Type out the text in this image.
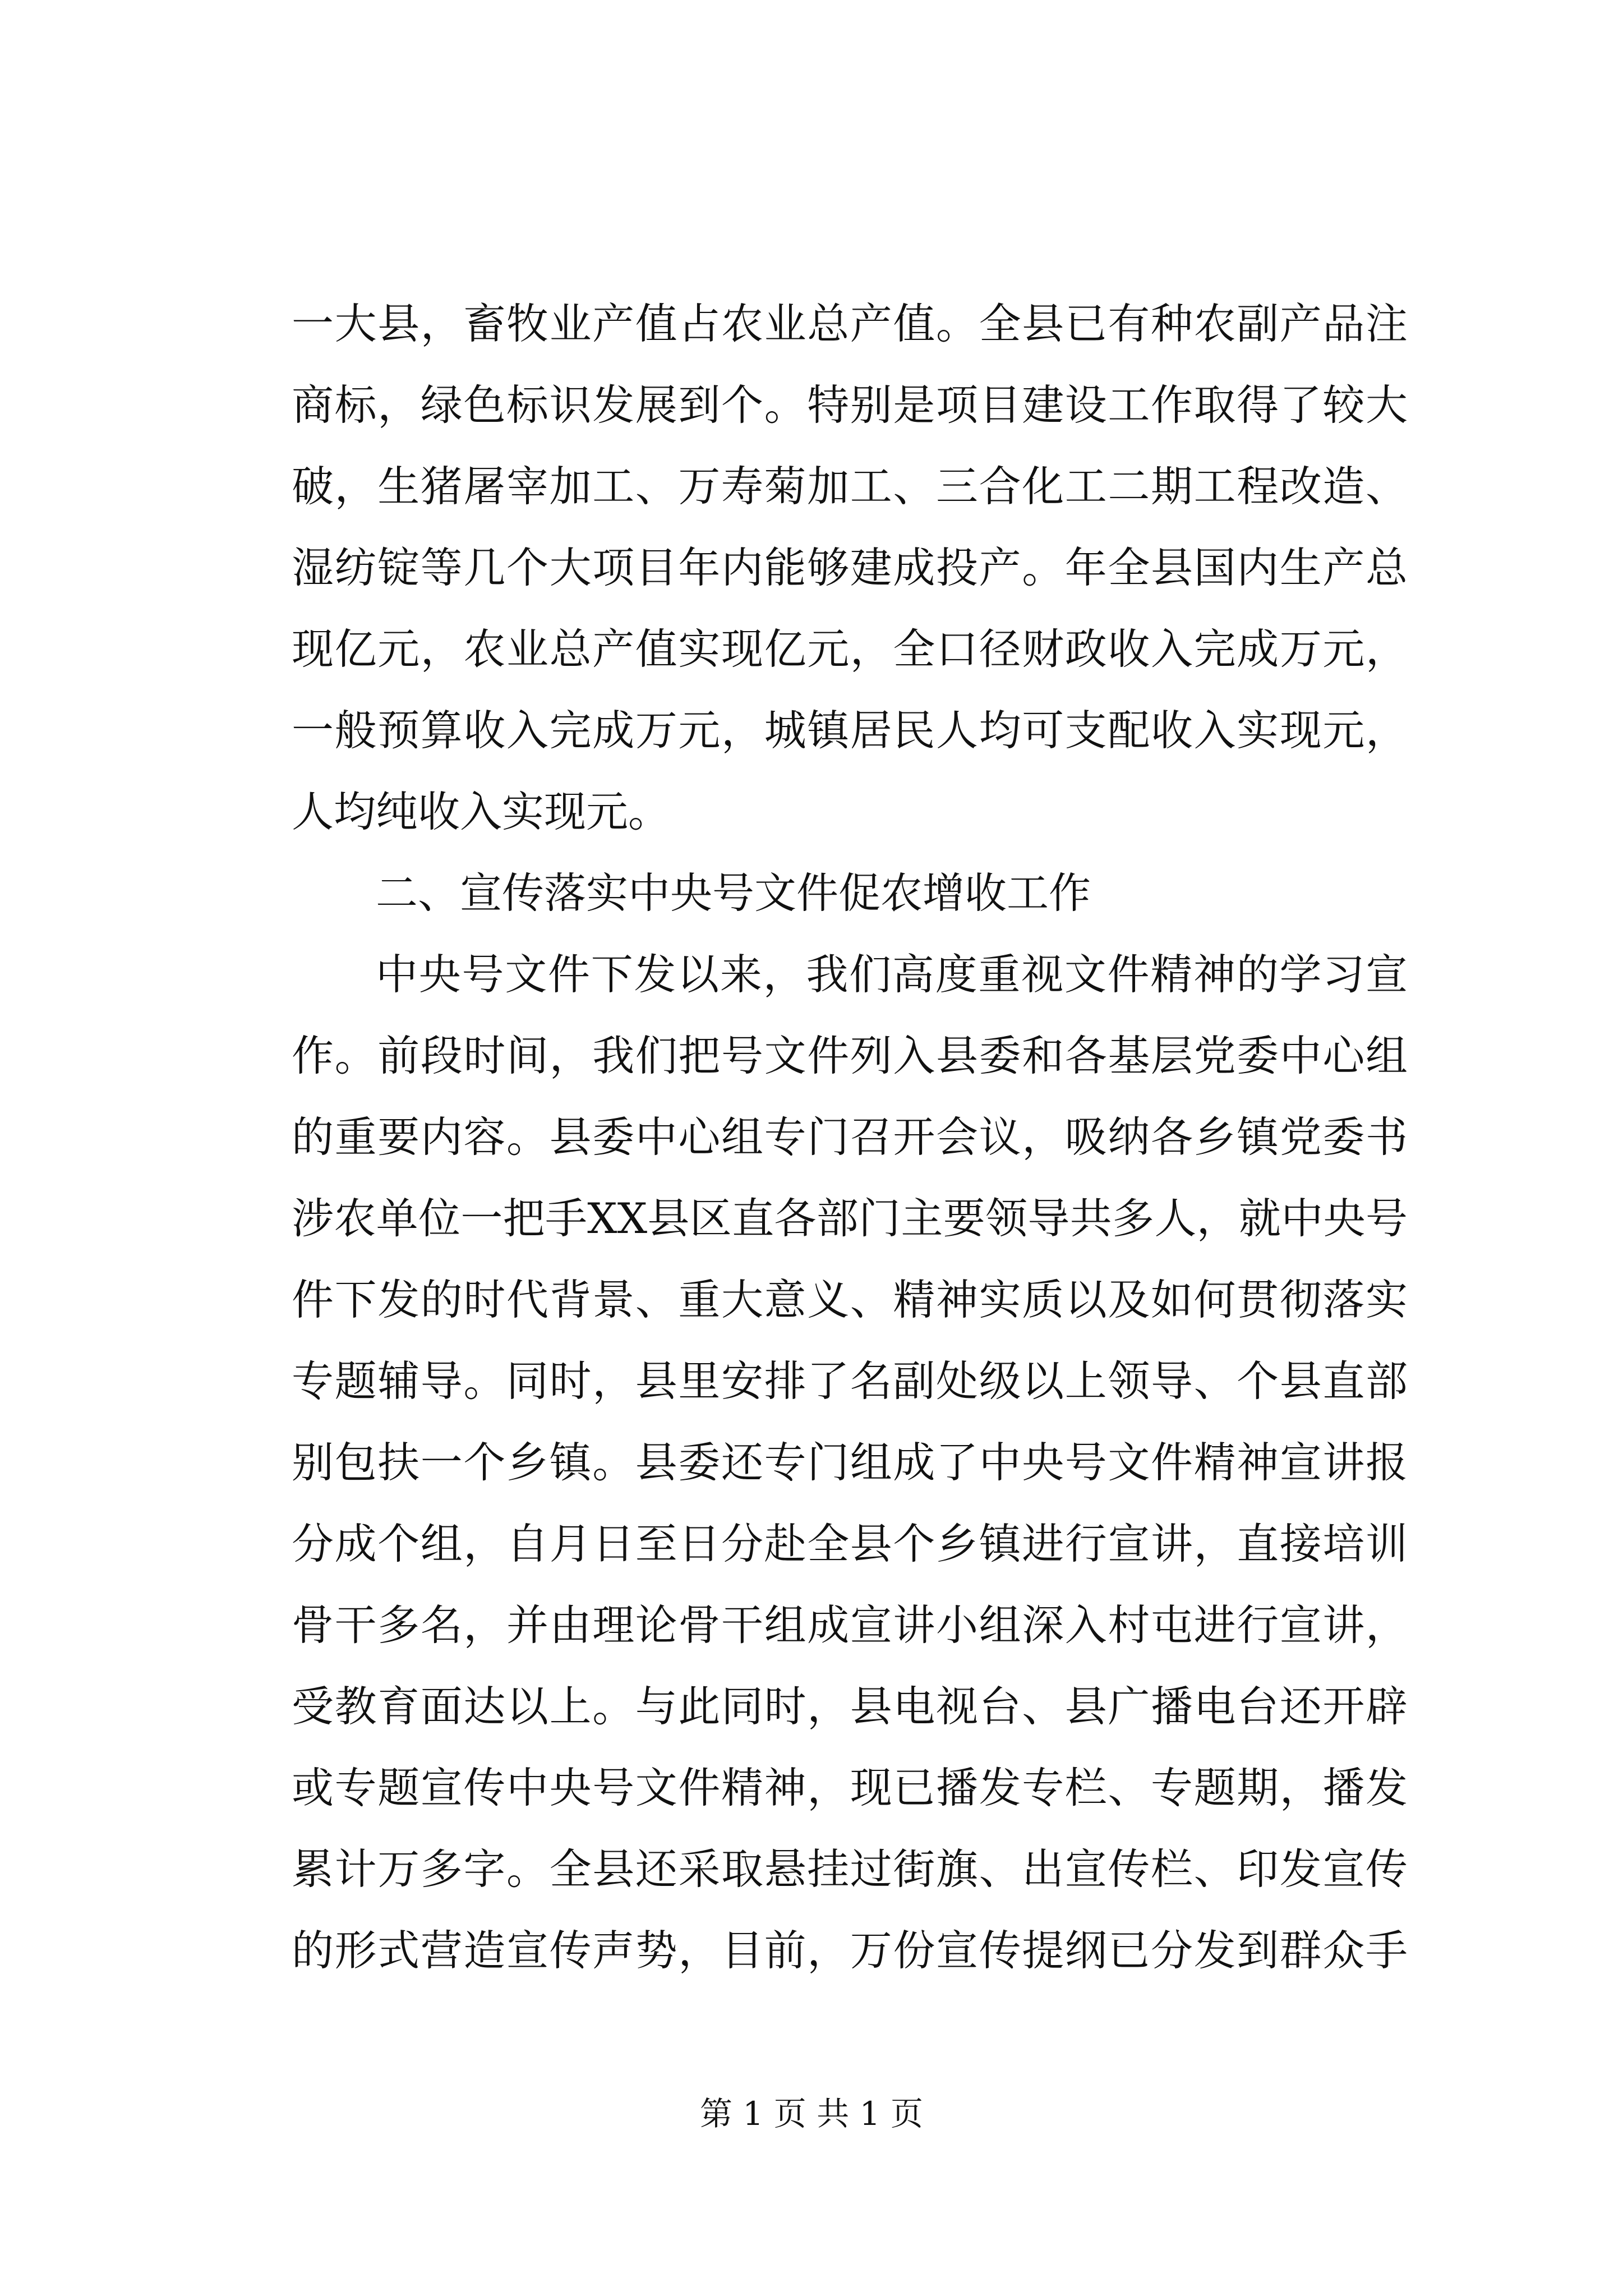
一大县，畜牧业产值占农业总产值。全县已有种农副产品注
商标，绿色标识发展到个。特别是项目建设工作取得了较大
破，生猪屠宰加工、万寿菊加工、三合化工二期工程改造、
湿纺锭等几个大项目年内能够建成投产。年全县国内生产总
现亿元，农业总产值实现亿元，全口径财政收入完成万元，
一般预算收入完成万元，城镇居民人均可支配收入实现元，
人均纯收入实现元。
二、宣传落实中央号文件促农增收工作
中央号文件下发以来，我们高度重视文件精神的学习宣
作。前段时间，我们把号文件列入县委和各基层党委中心组
的重要内容。县委中心组专门召开会议，吸纳各乡镇党委书
涉农单位一把手XX县区直各部门主要领导共多人，就中央号
件下发的时代背景、重大意义、精神实质以及如何贯彻落实
专题辅导。同时，县里安排了名副处级以上领导、个县直部
别包扶一个乡镇。县委还专门组成了中央号文件精神宣讲报
分成个组，自月日至日分赴全县个乡镇进行宣讲，直接培训
骨干多名，并由理论骨干组成宣讲小组深入村屯进行宣讲，
受教育面达以上。与此同时，县电视台、县广播电台还开辟
或专题宣传中央号文件精神，现已播发专栏、专题期，播发
累计万多字。全县还采取悬挂过街旗、出宣传栏、印发宣传
的形式营造宣传声势，目前，万份宣传提纲已分发到群众手
第 1 页 共 1 页
